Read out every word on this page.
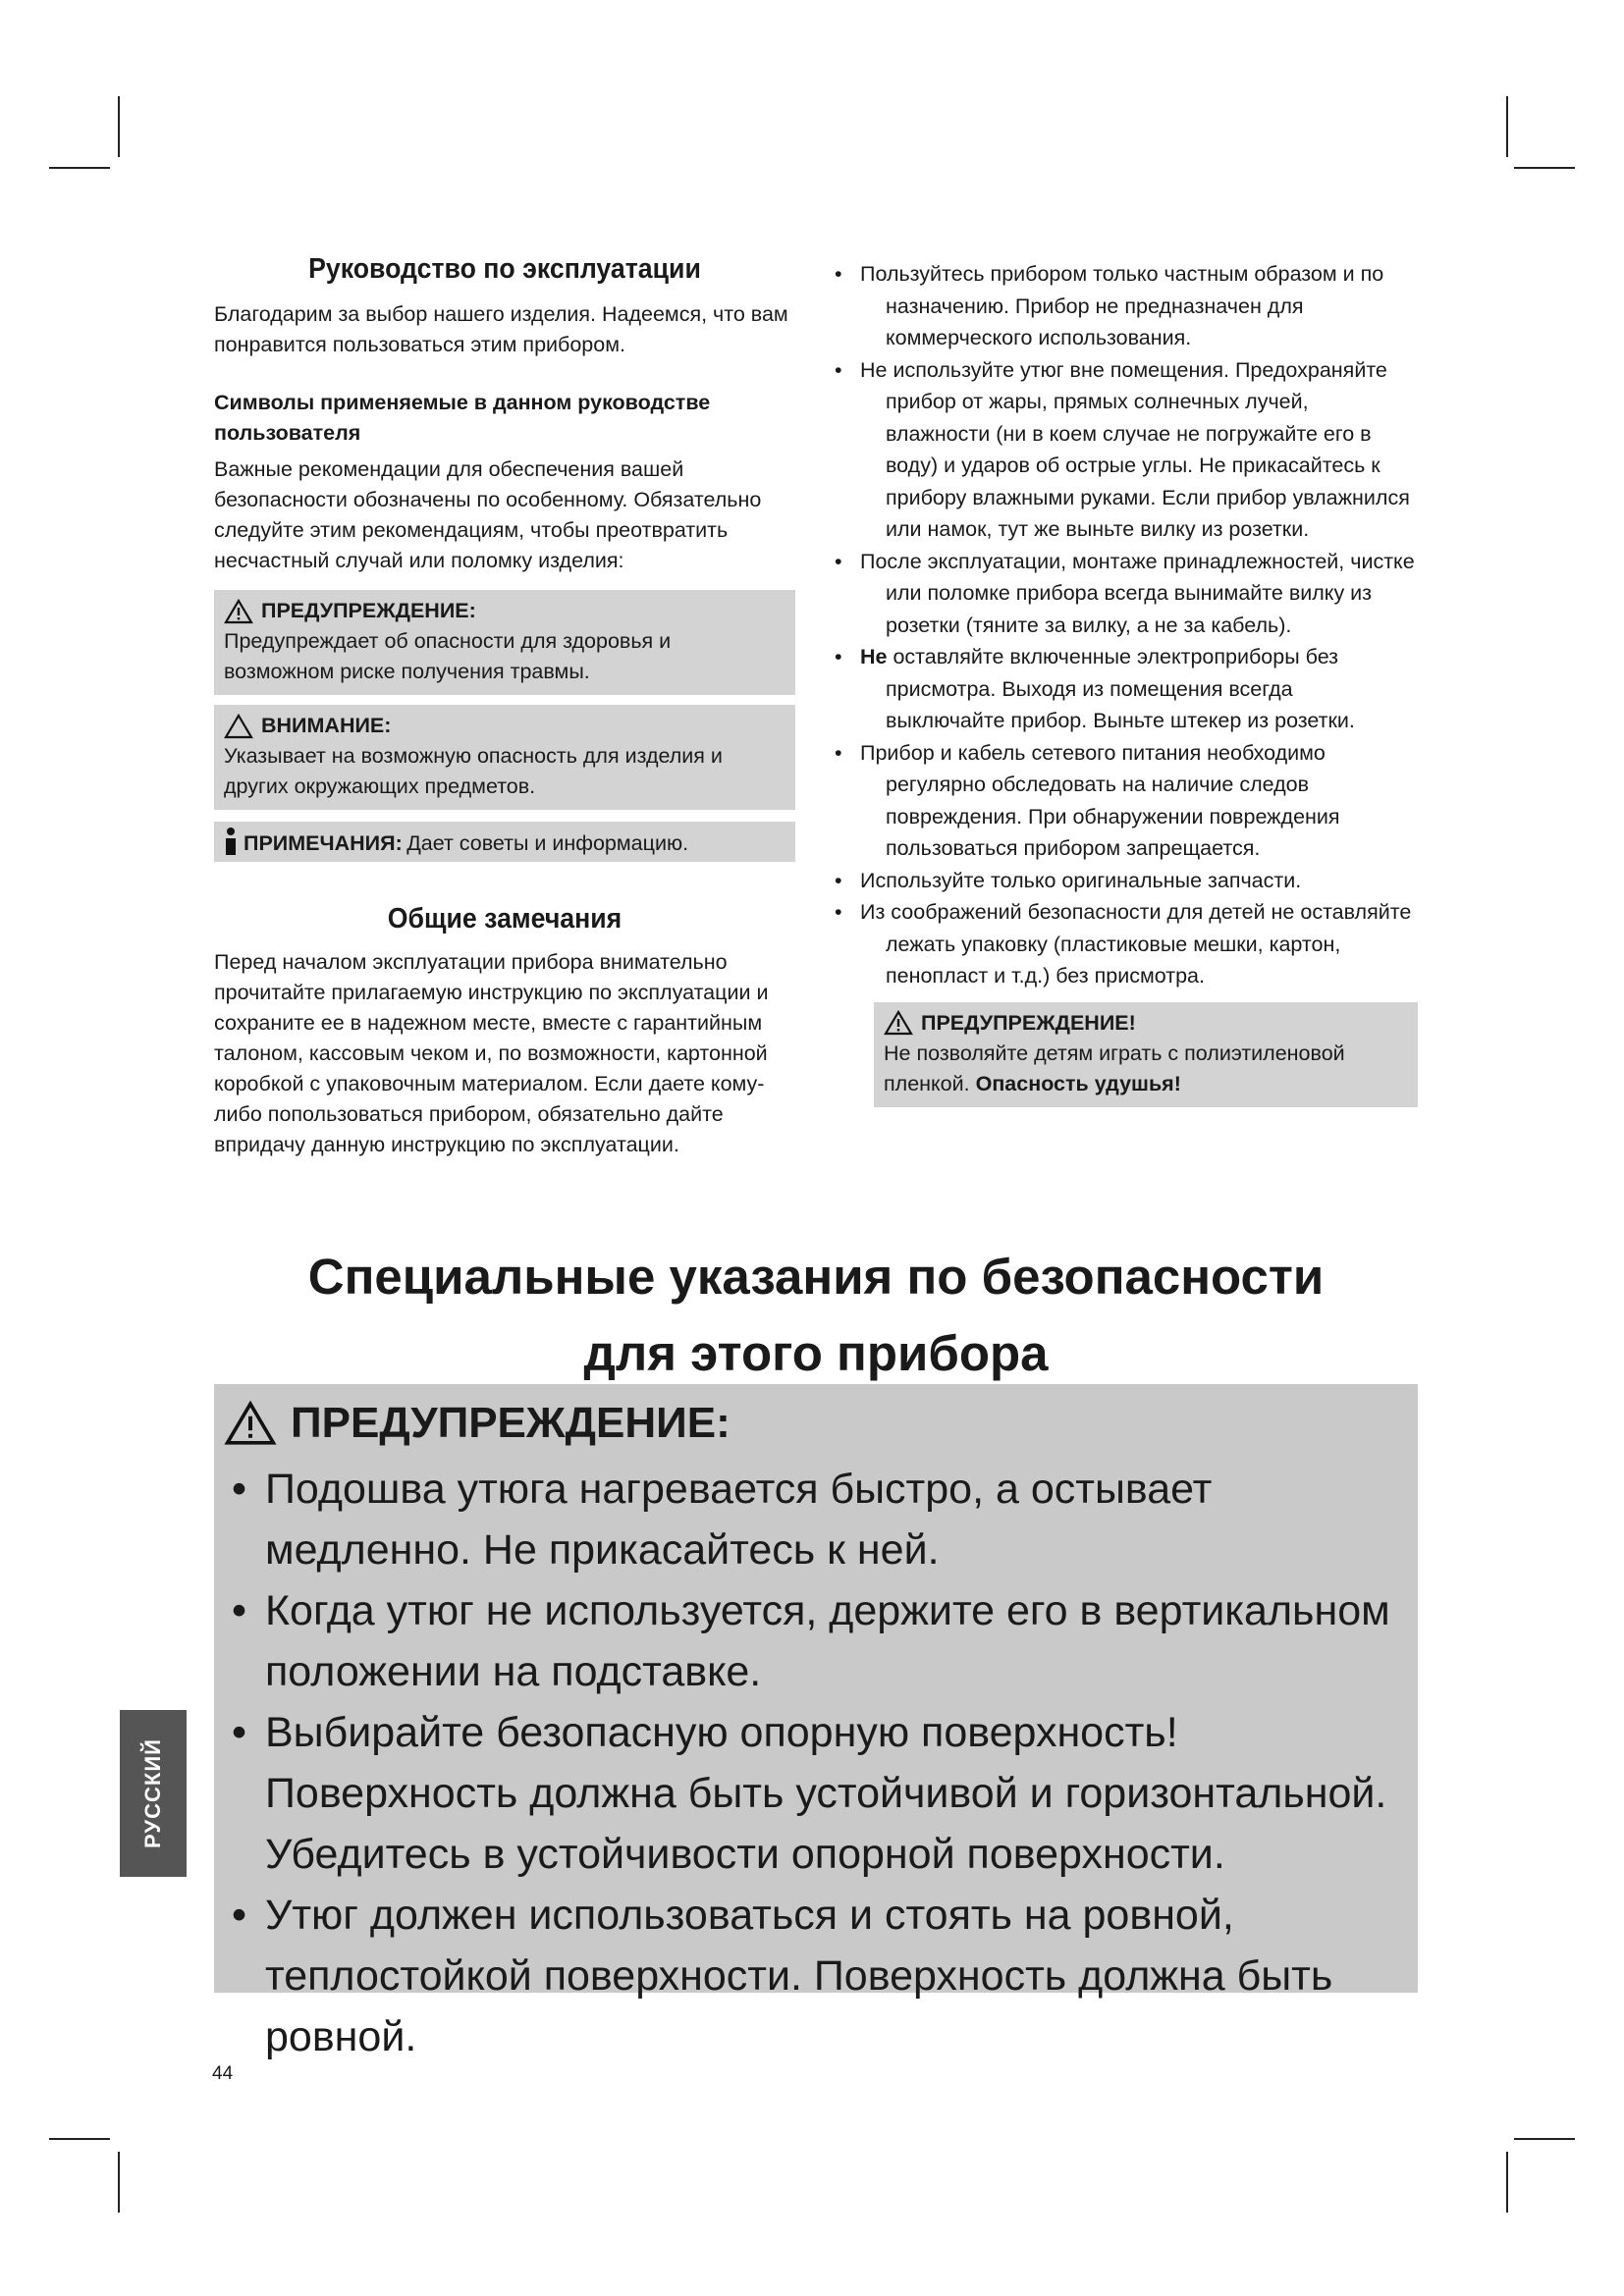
Руководство по эксплуатации

Благодарим за выбор нашего изделия. Надеемся, что вам понравится пользоваться этим прибором.

Символы применяемые в данном руководстве пользователя

Важные рекомендации для обеспечения вашей безопасности обозначены по особенному. Обязательно следуйте этим рекомендациям, чтобы преотвратить несчастный случай или поломку изделия:

ПРЕДУПРЕЖДЕНИЕ:
Предупреждает об опасности для здоровья и возможном риске получения травмы.
ВНИМАНИЕ:
Указывает на возможную опасность для изделия и других окружающих предметов.
ПРИМЕЧАНИЯ: Дает советы и информацию.
Общие замечания

Перед началом эксплуатации прибора внимательно прочитайте прилагаемую инструкцию по эксплуатации и сохраните ее в надежном месте, вместе с гарантийным талоном, кассовым чеком и, по возможности, картонной коробкой с упаковочным материалом. Если даете кому-либо попользоваться прибором, обязательно дайте впридачу данную инструкцию по эксплуатации.

• Пользуйтесь прибором только частным образом и по назначению. Прибор не предназначен для коммерческого использования.
• Не используйте утюг вне помещения. Предохраняйте прибор от жары, прямых солнечных лучей, влажности (ни в коем случае не погружайте его в воду) и ударов об острые углы. Не прикасайтесь к прибору влажными руками. Если прибор увлажнился или намок, тут же выньте вилку из розетки.
• После эксплуатации, монтаже принадлежностей, чистке или поломке прибора всегда вынимайте вилку из розетки (тяните за вилку, а не за кабель).
• Не оставляйте включенные электроприборы без присмотра. Выходя из помещения всегда выключайте прибор. Выньте штекер из розетки.
• Прибор и кабель сетевого питания необходимо регулярно обследовать на наличие следов повреждения. При обнаружении повреждения пользоваться прибором запрещается.
• Используйте только оригинальные запчасти.
• Из соображений безопасности для детей не оставляйте лежать упаковку (пластиковые мешки, картон, пенопласт и т.д.) без присмотра.
ПРЕДУПРЕЖДЕНИЕ!
Не позволяйте детям играть с полиэтиленовой пленкой. Опасность удушья!
Специальные указания по безопасности
для этого прибора
ПРЕДУПРЕЖДЕНИЕ:
• Подошва утюга нагревается быстро, а остывает медленно. Не прикасайтесь к ней.
• Когда утюг не используется, держите его в вертикальном положении на подставке.
• Выбирайте безопасную опорную поверхность! Поверхность должна быть устойчивой и горизонтальной. Убедитесь в устойчивости опорной поверхности.
• Утюг должен использоваться и стоять на ровной, теплостойкой поверхности. Поверхность должна быть ровной.
РУССКИЙ
44
